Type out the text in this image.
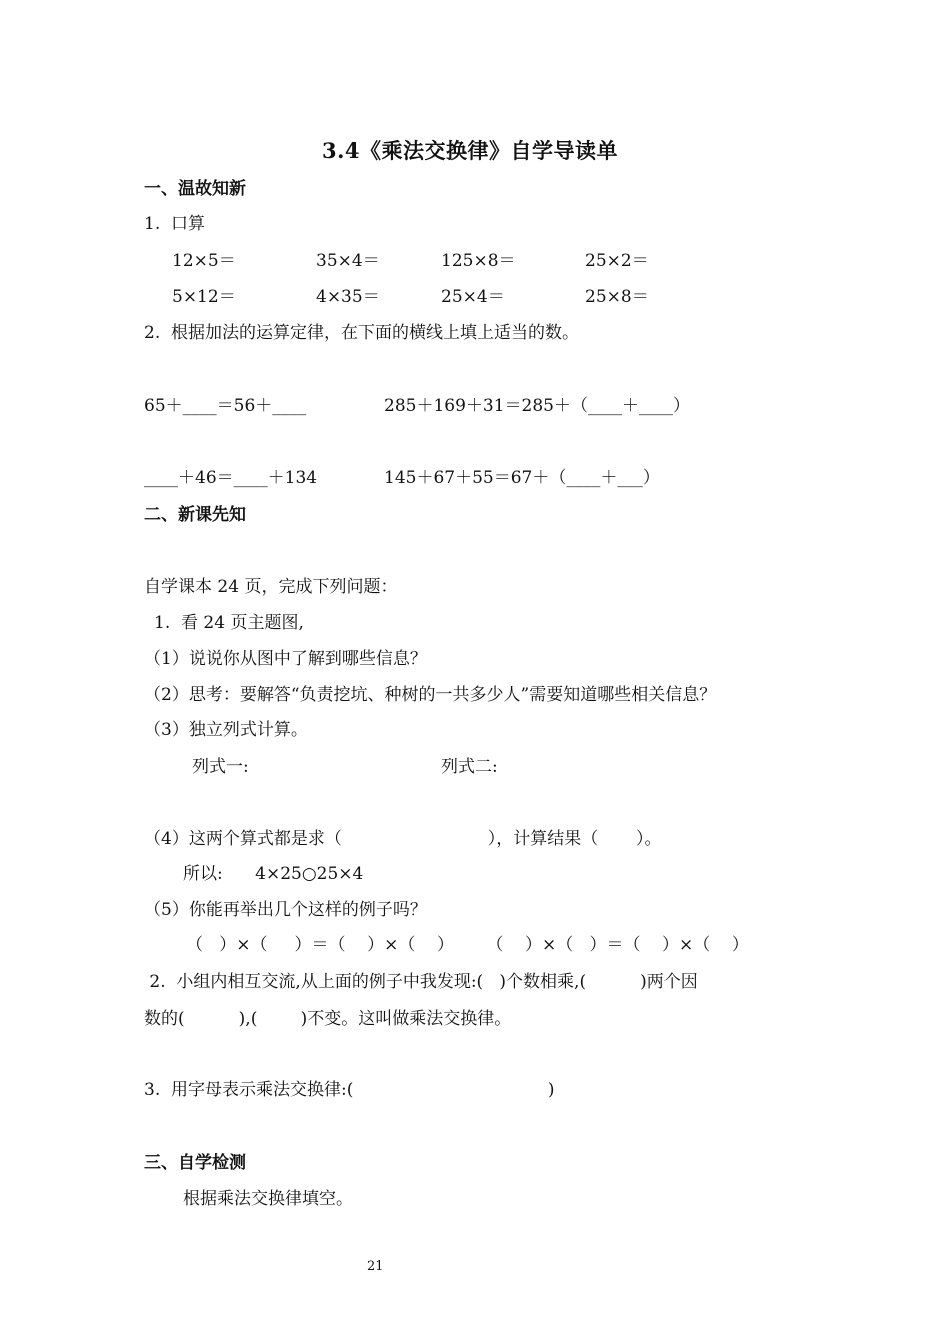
3.4《乘法交换律》自学导读单
一、温故知新
1.  口算
12×5＝	35×4＝	125×8＝	25×2＝
5×12＝	4×35＝	25×4＝	25×8＝
2.  根据加法的运算定律，在下面的横线上填上适当的数。
65＋____＝56＋____	285＋169＋31＝285＋（____＋____）
____＋46＝____＋134	145＋67＋55＝67＋（____＋___）
二、新课先知
自学课本 24 页，完成下列问题：
1.  看 24 页主题图,
（1）说说你从图中了解到哪些信息？
（2）思考：要解答“负责挖坑、种树的一共多少人”需要知道哪些相关信息？
（3）独立列式计算。
列式一:	列式二:
（4）这两个算式都是求（                           ），计算结果（       ）。
所以:      4×25○25×4
（5）你能再举出几个这样的例子吗？
（   ）×（     ）＝（    ）×（    ）      （    ）×（   ）＝（    ）×（    ）
2.  小组内相互交流,从上面的例子中我发现:(   )个数相乘,(          )两个因
数的(          ),(        )不变。这叫做乘法交换律。
3.  用字母表示乘法交换律:(                                    )
三、自学检测
根据乘法交换律填空。
21
